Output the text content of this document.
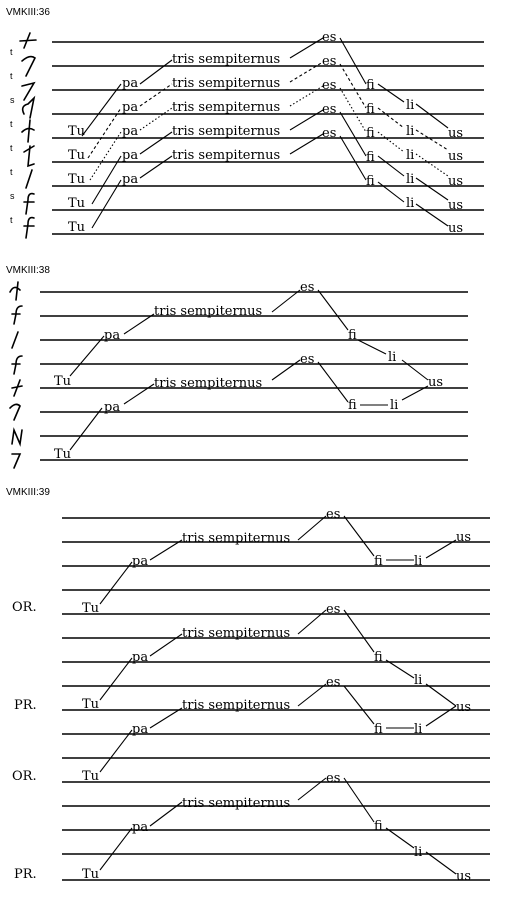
VMKIII:36
t
t
s
t
t
t
s
t
Tu
Tu
Tu
Tu
Tu
pa
pa
pa
pa
pa
tris sempiternus
tris sempiternus
tris sempiternus
tris sempiternus
tris sempiternus
es
es
es
es
es
fi
fi
fi
fi
fi
li
li
li
li
li
us
us
us
us
us
VMKIII:38
Tu
pa
tris sempiternus
es
fi
li
us
Tu
pa
tris sempiternus
es
fi	li
VMKIII:39
OR.
PR.
OR.
PR.
Tu
pa
tris sempiternus
es
fi li
us
Tu
pa
tris sempiternus
es
fi
li
us
Tu
pa
tris sempiternus
es
fi li
Tu
pa
tris sempiternus
es
fi
li
us
